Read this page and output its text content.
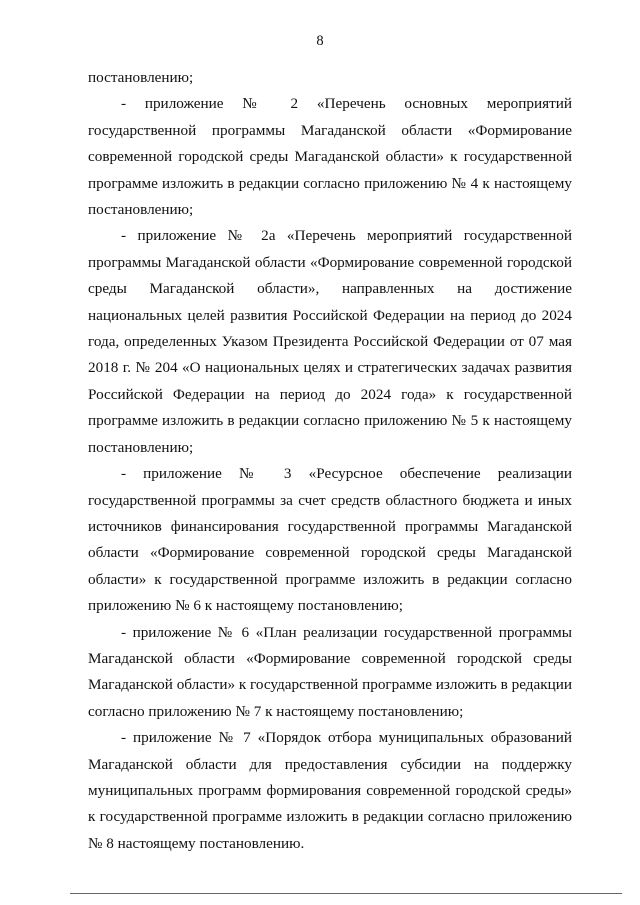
8

постановлению;

- приложение № 2 «Перечень основных мероприятий государственной программы Магаданской области «Формирование современной городской среды Магаданской области» к государственной программе изложить в редакции согласно приложению № 4 к настоящему постановлению;

- приложение № 2а «Перечень мероприятий государственной программы Магаданской области «Формирование современной городской среды Магаданской области», направленных на достижение национальных целей развития Российской Федерации на период до 2024 года, определенных Указом Президента Российской Федерации от 07 мая 2018 г. № 204 «О национальных целях и стратегических задачах развития Российской Федерации на период до 2024 года» к государственной программе изложить в редакции согласно приложению № 5 к настоящему постановлению;

- приложение № 3 «Ресурсное обеспечение реализации государственной программы за счет средств областного бюджета и иных источников финансирования государственной программы Магаданской области «Формирование современной городской среды Магаданской области» к государственной программе изложить в редакции согласно приложению № 6 к настоящему постановлению;

- приложение № 6 «План реализации государственной программы Магаданской области «Формирование современной городской среды Магаданской области» к государственной программе изложить в редакции согласно приложению № 7 к настоящему постановлению;

- приложение № 7 «Порядок отбора муниципальных образований Магаданской области для предоставления субсидии на поддержку муниципальных программ формирования современной городской среды» к государственной программе изложить в редакции согласно приложению № 8 настоящему постановлению.
